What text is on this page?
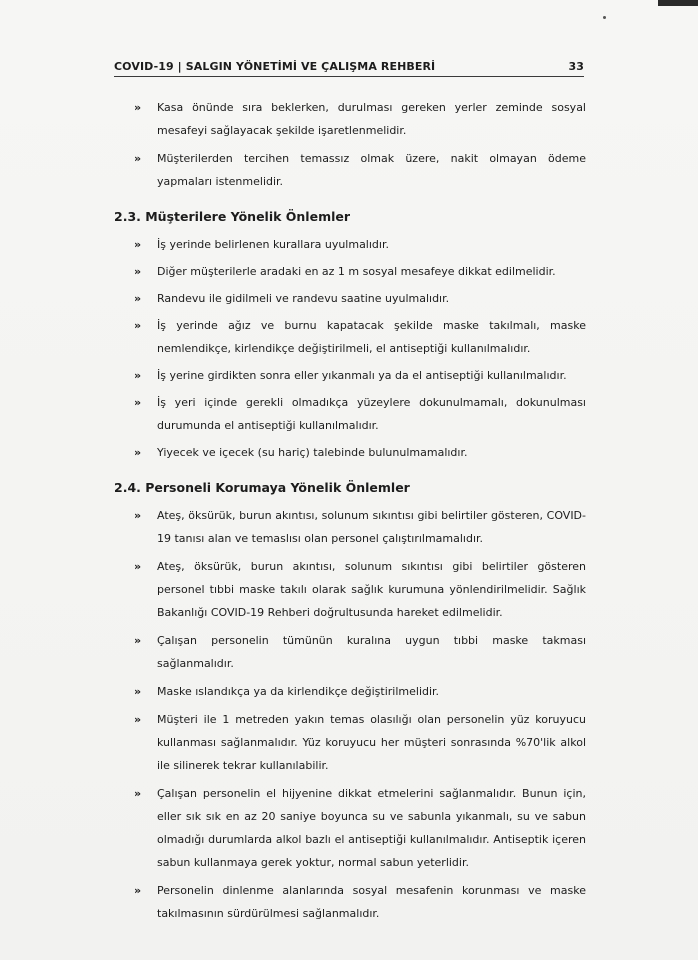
COVID-19 | SALGIN YÖNETİMİ VE ÇALIŞMA REHBERİ	33
» Kasa önünde sıra beklerken, durulması gereken yerler zeminde sosyal mesafeyi sağlayacak şekilde işaretlenmelidir.
» Müşterilerden tercihen temassız olmak üzere, nakit olmayan ödeme yapmaları istenmelidir.
2.3. Müşterilere Yönelik Önlemler
» İş yerinde belirlenen kurallara uyulmalıdır.
» Diğer müşterilerle aradaki en az 1 m sosyal mesafeye dikkat edilmelidir.
» Randevu ile gidilmeli ve randevu saatine uyulmalıdır.
» İş yerinde ağız ve burnu kapatacak şekilde maske takılmalı, maske nemlendikçe, kirlendikçe değiştirilmeli, el antiseptiği kullanılmalıdır.
» İş yerine girdikten sonra eller yıkanmalı ya da el antiseptiği kullanılmalıdır.
» İş yeri içinde gerekli olmadıkça yüzeylere dokunulmamalı, dokunulması durumunda el antiseptiği kullanılmalıdır.
» Yiyecek ve içecek (su hariç) talebinde bulunulmamalıdır.
2.4. Personeli Korumaya Yönelik Önlemler
» Ateş, öksürük, burun akıntısı, solunum sıkıntısı gibi belirtiler gösteren, COVID-19 tanısı alan ve temaslısı olan personel çalıştırılmamalıdır.
» Ateş, öksürük, burun akıntısı, solunum sıkıntısı gibi belirtiler gösteren personel tıbbi maske takılı olarak sağlık kurumuna yönlendirilmelidir. Sağlık Bakanlığı COVID-19 Rehberi doğrultusunda hareket edilmelidir.
» Çalışan personelin tümünün kuralına uygun tıbbi maske takması sağlanmalıdır.
» Maske ıslandıkça ya da kirlendikçe değiştirilmelidir.
» Müşteri ile 1 metreden yakın temas olasılığı olan personelin yüz koruyucu kullanması sağlanmalıdır. Yüz koruyucu her müşteri sonrasında %70'lik alkol ile silinerek tekrar kullanılabilir.
» Çalışan personelin el hijyenine dikkat etmelerini sağlanmalıdır. Bunun için, eller sık sık en az 20 saniye boyunca su ve sabunla yıkanmalı, su ve sabun olmadığı durumlarda alkol bazlı el antiseptiği kullanılmalıdır. Antiseptik içeren sabun kullanmaya gerek yoktur, normal sabun yeterlidir.
» Personelin dinlenme alanlarında sosyal mesafenin korunması ve maske takılmasının sürdürülmesi sağlanmalıdır.
